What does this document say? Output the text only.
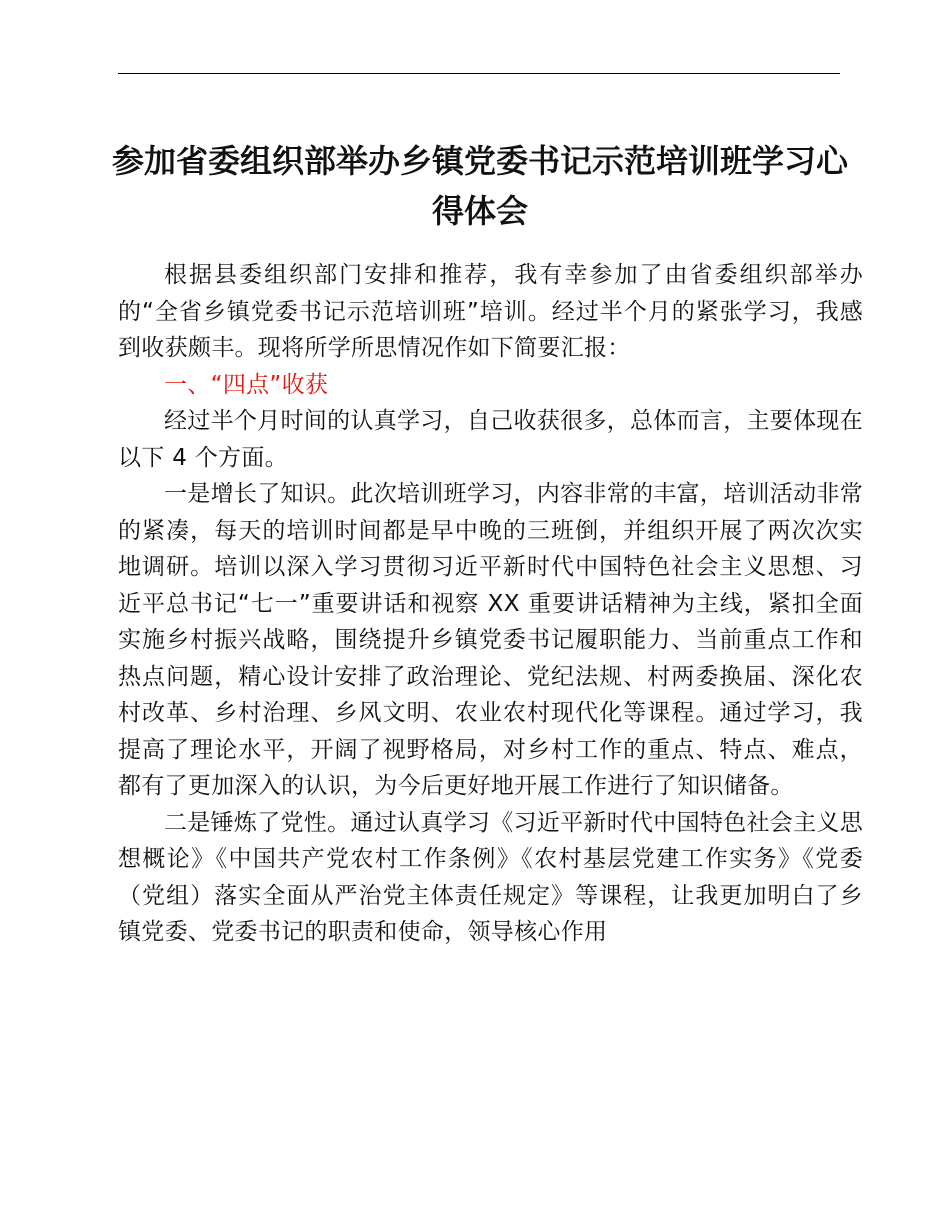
参加省委组织部举办乡镇党委书记示范培训班学习心得体会

根据县委组织部门安排和推荐，我有幸参加了由省委组织部举办的“全省乡镇党委书记示范培训班”培训。经过半个月的紧张学习，我感到收获颇丰。现将所学所思情况作如下简要汇报：

一、“四点”收获

经过半个月时间的认真学习，自己收获很多，总体而言，主要体现在以下 4 个方面。

一是增长了知识。此次培训班学习，内容非常的丰富，培训活动非常的紧凑，每天的培训时间都是早中晚的三班倒，并组织开展了两次次实地调研。培训以深入学习贯彻习近平新时代中国特色社会主义思想、习近平总书记“七一”重要讲话和视察 XX 重要讲话精神为主线，紧扣全面实施乡村振兴战略，围绕提升乡镇党委书记履职能力、当前重点工作和热点问题，精心设计安排了政治理论、党纪法规、村两委换届、深化农村改革、乡村治理、乡风文明、农业农村现代化等课程。通过学习，我提高了理论水平，开阔了视野格局，对乡村工作的重点、特点、难点，都有了更加深入的认识，为今后更好地开展工作进行了知识储备。

二是锤炼了党性。通过认真学习《习近平新时代中国特色社会主义思想概论》《中国共产党农村工作条例》《农村基层党建工作实务》《党委（党组）落实全面从严治党主体责任规定》等课程，让我更加明白了乡镇党委、党委书记的职责和使命，领导核心作用
